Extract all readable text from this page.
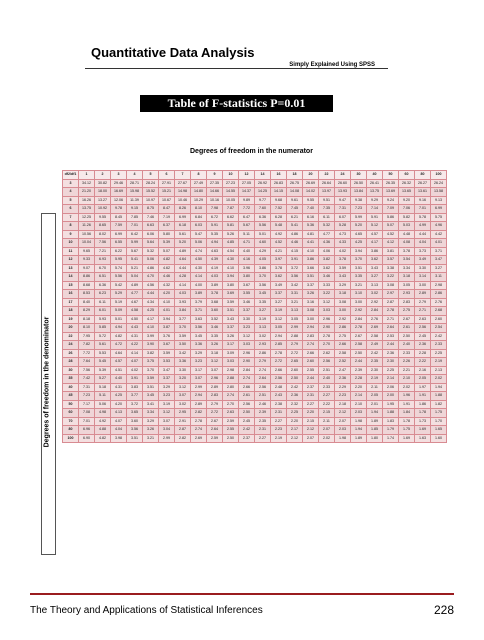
Quantitative Data Analysis
Simply Explained Using SPSS
Table of F-statistics P=0.01
Degrees of freedom in the numerator
Degrees of freedom in the denominator
df2\df1	1	2	3	4	5	6	7	8	9	10	12	14	16	18	20	22	24	30	40	50	60	80	100
3	34.12	30.82	29.46	28.71	28.24	27.91	27.67	27.49	27.35	27.23	27.05	26.92	26.83	26.75	26.69	26.64	26.60	26.50	26.41	26.35	26.32	26.27	26.24
4	21.20	18.00	16.69	15.98	15.52	15.21	14.98	14.80	14.66	14.55	14.37	14.25	14.15	14.08	14.02	13.97	13.93	13.84	13.75	13.69	13.65	13.61	13.58
5	16.26	13.27	12.06	11.39	10.97	10.67	10.46	10.29	10.16	10.05	9.89	9.77	9.68	9.61	9.55	9.51	9.47	9.38	9.29	9.24	9.20	9.16	9.13
6	13.75	10.92	9.78	9.15	8.75	8.47	8.26	8.10	7.98	7.87	7.72	7.60	7.52	7.45	7.40	7.35	7.31	7.23	7.14	7.09	7.06	7.01	6.99
7	12.25	9.55	8.45	7.85	7.46	7.19	6.99	6.84	6.72	6.62	6.47	6.36	6.28	6.21	6.16	6.11	6.07	5.99	5.91	5.86	5.82	5.78	5.75
8	11.26	8.65	7.59	7.01	6.63	6.37	6.18	6.03	5.91	5.81	5.67	5.56	5.48	5.41	5.36	5.32	5.28	5.20	5.12	5.07	5.03	4.99	4.96
9	10.56	8.02	6.99	6.42	6.06	5.80	5.61	5.47	5.35	5.26	5.11	5.01	4.92	4.86	4.81	4.77	4.73	4.65	4.57	4.52	4.48	4.44	4.42
10	10.04	7.56	6.55	5.99	5.64	5.39	5.20	5.06	4.94	4.85	4.71	4.60	4.52	4.46	4.41	4.36	4.33	4.25	4.17	4.12	4.08	4.04	4.01
11	9.65	7.21	6.22	5.67	5.32	5.07	4.89	4.74	4.63	4.54	4.40	4.29	4.21	4.15	4.10	4.06	4.02	3.94	3.86	3.81	3.78	3.73	3.71
12	9.33	6.93	5.95	5.41	5.06	4.82	4.64	4.50	4.39	4.30	4.16	4.05	3.97	3.91	3.86	3.82	3.78	3.70	3.62	3.57	3.54	3.49	3.47
13	9.07	6.70	5.74	5.21	4.86	4.62	4.44	4.30	4.19	4.10	3.96	3.86	3.78	3.72	3.66	3.62	3.59	3.51	3.43	3.38	3.34	3.30	3.27
14	8.86	6.51	5.56	5.04	4.70	4.46	4.28	4.14	4.03	3.94	3.80	3.70	3.62	3.56	3.51	3.46	3.43	3.35	3.27	3.22	3.18	3.14	3.11
15	8.68	6.36	5.42	4.89	4.56	4.32	4.14	4.00	3.89	3.80	3.67	3.56	3.49	3.42	3.37	3.33	3.29	3.21	3.13	3.08	3.05	3.00	2.98
16	8.53	6.23	5.29	4.77	4.44	4.20	4.03	3.89	3.78	3.69	3.55	3.45	3.37	3.31	3.26	3.22	3.18	3.10	3.02	2.97	2.93	2.89	2.86
17	8.40	6.11	5.19	4.67	4.34	4.10	3.93	3.79	3.68	3.59	3.46	3.35	3.27	3.21	3.16	3.12	3.08	3.00	2.92	2.87	2.83	2.79	2.76
18	8.29	6.01	5.09	4.58	4.25	4.01	3.84	3.71	3.60	3.51	3.37	3.27	3.19	3.13	3.08	3.03	3.00	2.92	2.84	2.78	2.75	2.71	2.68
19	8.18	5.93	5.01	4.50	4.17	3.94	3.77	3.63	3.52	3.43	3.30	3.19	3.12	3.05	3.00	2.96	2.92	2.84	2.76	2.71	2.67	2.63	2.60
20	8.10	5.85	4.94	4.43	4.10	3.87	3.70	3.56	3.46	3.37	3.23	3.13	3.05	2.99	2.94	2.90	2.86	2.78	2.69	2.64	2.61	2.56	2.54
22	7.95	5.72	4.82	4.31	3.99	3.76	3.59	3.45	3.35	3.26	3.12	3.02	2.94	2.88	2.83	2.78	2.75	2.67	2.58	2.53	2.50	2.45	2.42
24	7.82	5.61	4.72	4.22	3.90	3.67	3.50	3.36	3.26	3.17	3.03	2.93	2.85	2.79	2.74	2.70	2.66	2.58	2.49	2.44	2.40	2.36	2.33
26	7.72	5.53	4.64	4.14	3.82	3.59	3.42	3.29	3.18	3.09	2.96	2.86	2.78	2.72	2.66	2.62	2.58	2.50	2.42	2.36	2.33	2.28	2.25
28	7.64	5.45	4.57	4.07	3.75	3.53	3.36	3.23	3.12	3.03	2.90	2.79	2.72	2.65	2.60	2.56	2.52	2.44	2.35	2.30	2.26	2.22	2.19
30	7.56	5.39	4.51	4.02	3.70	3.47	3.30	3.17	3.07	2.98	2.84	2.74	2.66	2.60	2.55	2.51	2.47	2.39	2.30	2.25	2.21	2.16	2.13
35	7.42	5.27	4.40	3.91	3.59	3.37	3.20	3.07	2.96	2.88	2.74	2.64	2.56	2.50	2.44	2.40	2.36	2.28	2.19	2.14	2.10	2.05	2.02
40	7.31	5.18	4.31	3.83	3.51	3.29	3.12	2.99	2.89	2.80	2.66	2.56	2.48	2.42	2.37	2.33	2.29	2.20	2.11	2.06	2.02	1.97	1.94
45	7.23	5.11	4.25	3.77	3.45	3.23	3.07	2.94	2.83	2.74	2.61	2.51	2.43	2.36	2.31	2.27	2.23	2.14	2.05	2.00	1.96	1.91	1.88
50	7.17	5.06	4.20	3.72	3.41	3.19	3.02	2.89	2.79	2.70	2.56	2.46	2.38	2.32	2.27	2.22	2.18	2.10	2.01	1.95	1.91	1.86	1.82
60	7.08	4.98	4.13	3.65	3.34	3.12	2.95	2.82	2.72	2.63	2.50	2.39	2.31	2.25	2.20	2.15	2.12	2.03	1.94	1.88	1.84	1.78	1.75
70	7.01	4.92	4.07	3.60	3.29	3.07	2.91	2.78	2.67	2.59	2.45	2.35	2.27	2.20	2.15	2.11	2.07	1.98	1.89	1.83	1.78	1.73	1.70
80	6.96	4.88	4.04	3.56	3.26	3.04	2.87	2.74	2.64	2.55	2.42	2.31	2.23	2.17	2.12	2.07	2.03	1.94	1.85	1.79	1.75	1.69	1.65
100	6.90	4.82	3.98	3.51	3.21	2.99	2.82	2.69	2.59	2.50	2.37	2.27	2.19	2.12	2.07	2.02	1.98	1.89	1.80	1.74	1.69	1.63	1.60
The Theory and Applications of Statistical Inferences	228
